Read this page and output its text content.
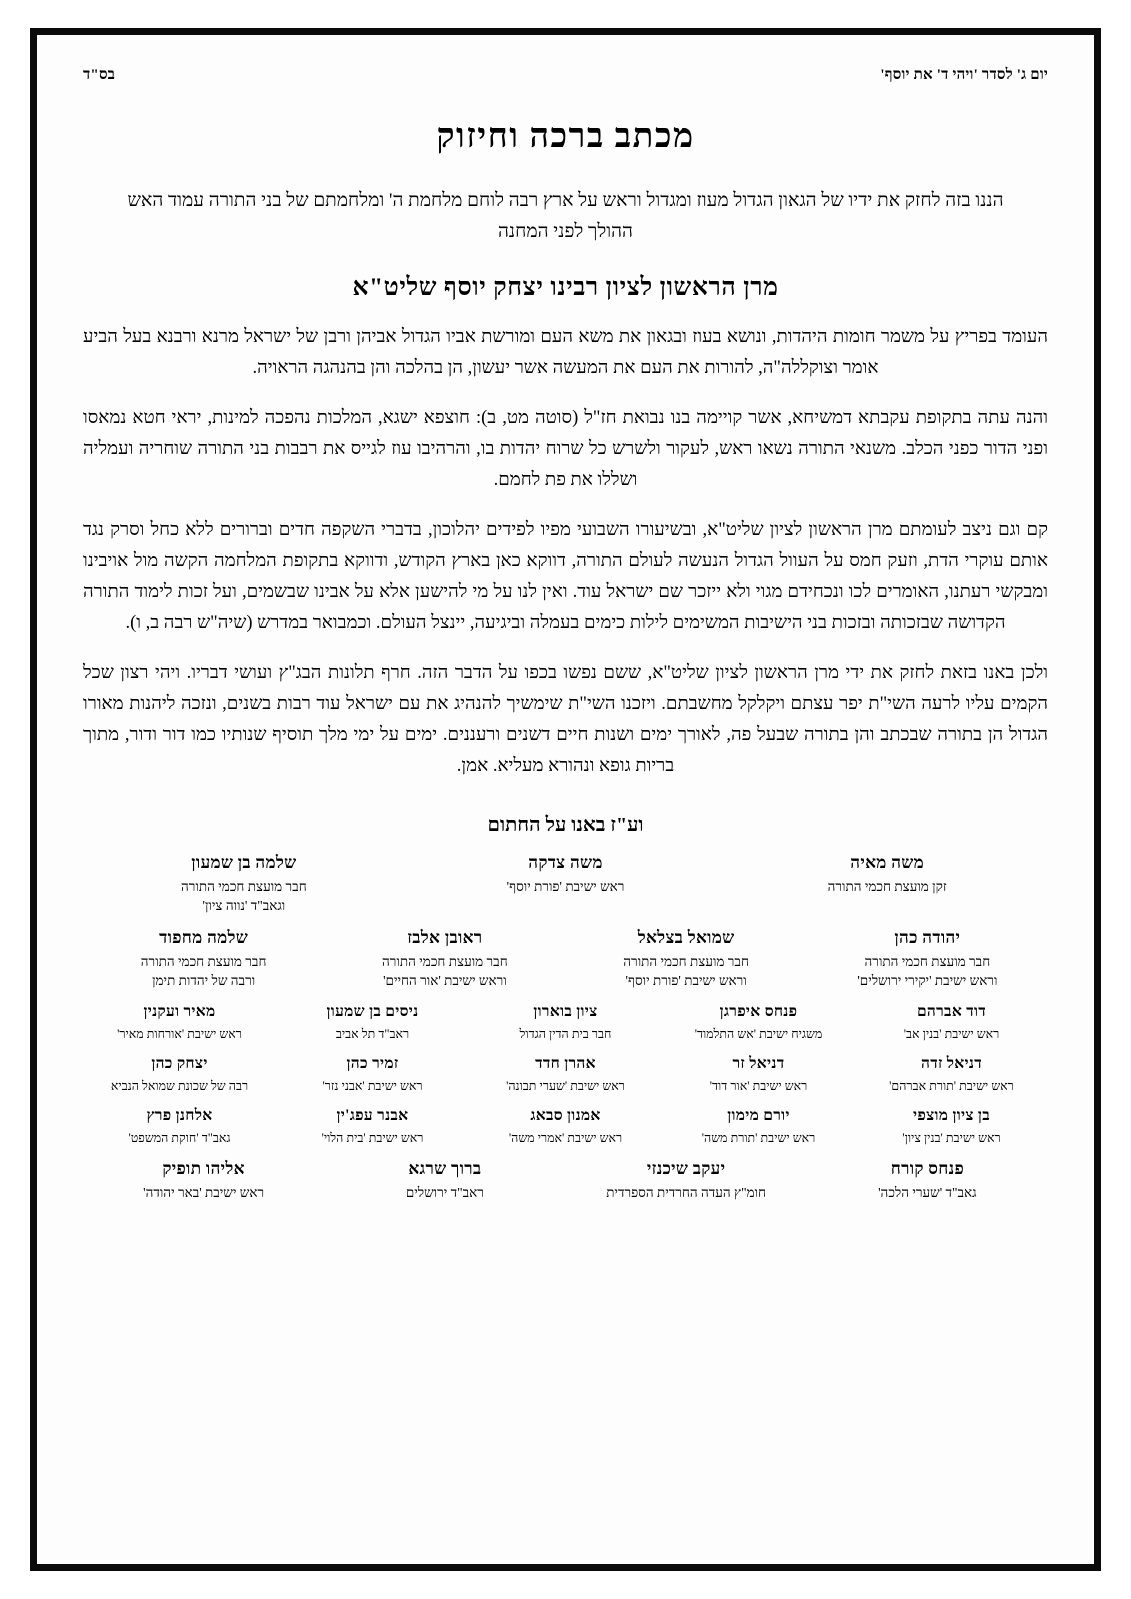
יום ג' לסדר 'ויהי ד' את יוסף'
בס"ד
מכתב ברכה וחיזוק

הננו בזה לחזק את ידיו של הגאון הגדול מעוז ומגדול וראש על ארץ רבה לוחם מלחמת ה' ומלחמתם של בני התורה עמוד האש ההולך לפני המחנה

מרן הראשון לציון רבינו יצחק יוסף שליט"א

העומד בפריץ על משמר חומות היהדות, ונושא בעוז ובגאון את משא העם ומורשת אביו הגדול אביהן ורבן של ישראל מרנא ורבנא בעל הביע אומר וצוקללה"ה, להורות את העם את המעשה אשר יעשון, הן בהלכה והן בהנהגה הראויה.

והנה עתה בתקופת עקבתא דמשיחא, אשר קויימה בנו נבואת חז"ל (סוטה מט, ב): חוצפא ישגא, המלכות נהפכה למינות, יראי חטא נמאסו ופני הדור כפני הכלב. משנאי התורה נשאו ראש, לעקור ולשרש כל שרוח יהדות בו, והרהיבו עוז לגייס את רבבות בני התורה שוחריה ועמליה ושללו את פת לחמם.

קם וגם ניצב לעומתם מרן הראשון לציון שליט"א, ובשיעורו השבועי מפיו לפידים יהלוכון, בדברי השקפה חדים וברורים ללא כחל וסרק נגד אותם עוקרי הדת, וזעק חמס על העוול הגדול הנעשה לעולם התורה, דווקא כאן בארץ הקודש, ודווקא בתקופת המלחמה הקשה מול אויבינו ומבקשי רעתנו, האומרים לכו ונכחידם מגוי ולא ייזכר שם ישראל עוד. ואין לנו על מי להישען אלא על אבינו שבשמים, ועל זכות לימוד התורה הקדושה שבזכותה ובזכות בני הישיבות המשימים לילות כימים בעמלה וביגיעה, יינצל העולם. וכמבואר במדרש (שיה"ש רבה ב, ו).

ולכן באנו בזאת לחזק את ידי מרן הראשון לציון שליט"א, ששם נפשו בכפו על הדבר הזה. חרף תלונות הבג"ץ ועושי דבריו. ויהי רצון שכל הקמים עליו לרעה השי"ת יפר עצתם ויקלקל מחשבתם. ויזכנו השי"ת שימשיך להנהיג את עם ישראל עוד רבות בשנים, ונזכה ליהנות מאורו הגדול הן בתורה שבכתב והן בתורה שבעל פה, לאורך ימים ושנות חיים דשנים ורעננים. ימים על ימי מלך תוסיף שנותיו כמו דור ודור, מתוך בריות גופא ונהורא מעליא. אמן.

וע"ז באנו על החתום
משה מאיה
זקן מועצת חכמי התורה
משה צדקה
ראש ישיבת 'פורת יוסף'
שלמה בן שמעון
חבר מועצת חכמי התורה
וגאב"ד 'נווה ציון'
יהודה כהן
חבר מועצת חכמי התורה
וראש ישיבת 'יקירי ירושלים'
שמואל בצלאל
חבר מועצת חכמי התורה
וראש ישיבת 'פורת יוסף'
ראובן אלבז
חבר מועצת חכמי התורה
וראש ישיבת 'אור החיים'
שלמה מחפוד
חבר מועצת חכמי התורה
ורבה של יהדות תימן
דוד אברהם
ראש ישיבת 'בנין אב'
פנחס איפרגן
משגיח ישיבת 'אש התלמוד'
ציון בוארון
חבר בית הדין הגדול
ניסים בן שמעון
ראב"ד תל אביב
מאיר ועקנין
ראש ישיבת 'אורחות מאיר'
דניאל זדה
ראש ישיבת 'תורת אברהם'
דניאל זר
ראש ישיבת 'אור דוד'
אהרן חדד
ראש ישיבת 'שערי תבונה'
זמיר כהן
ראש ישיבת 'אבני נזר'
יצחק כהן
רבה של שכונת שמואל הנביא
בן ציון מוצפי
ראש ישיבת 'בנין ציון'
יורם מימון
ראש ישיבת 'תורת משה'
אמנון סבאג
ראש ישיבת 'אמרי משה'
אבנר עפג'ין
ראש ישיבת 'בית הלוי'
אלחנן פרץ
גאב"ד 'חוקת המשפט'
פנחס קורח
גאב"ד 'שערי הלכה'
יעקב שיכנזי
חומ"ץ העדה החרדית הספרדית
ברוך שרגא
ראב"ד ירושלים
אליהו תופיק
ראש ישיבת 'באר יהודה'
